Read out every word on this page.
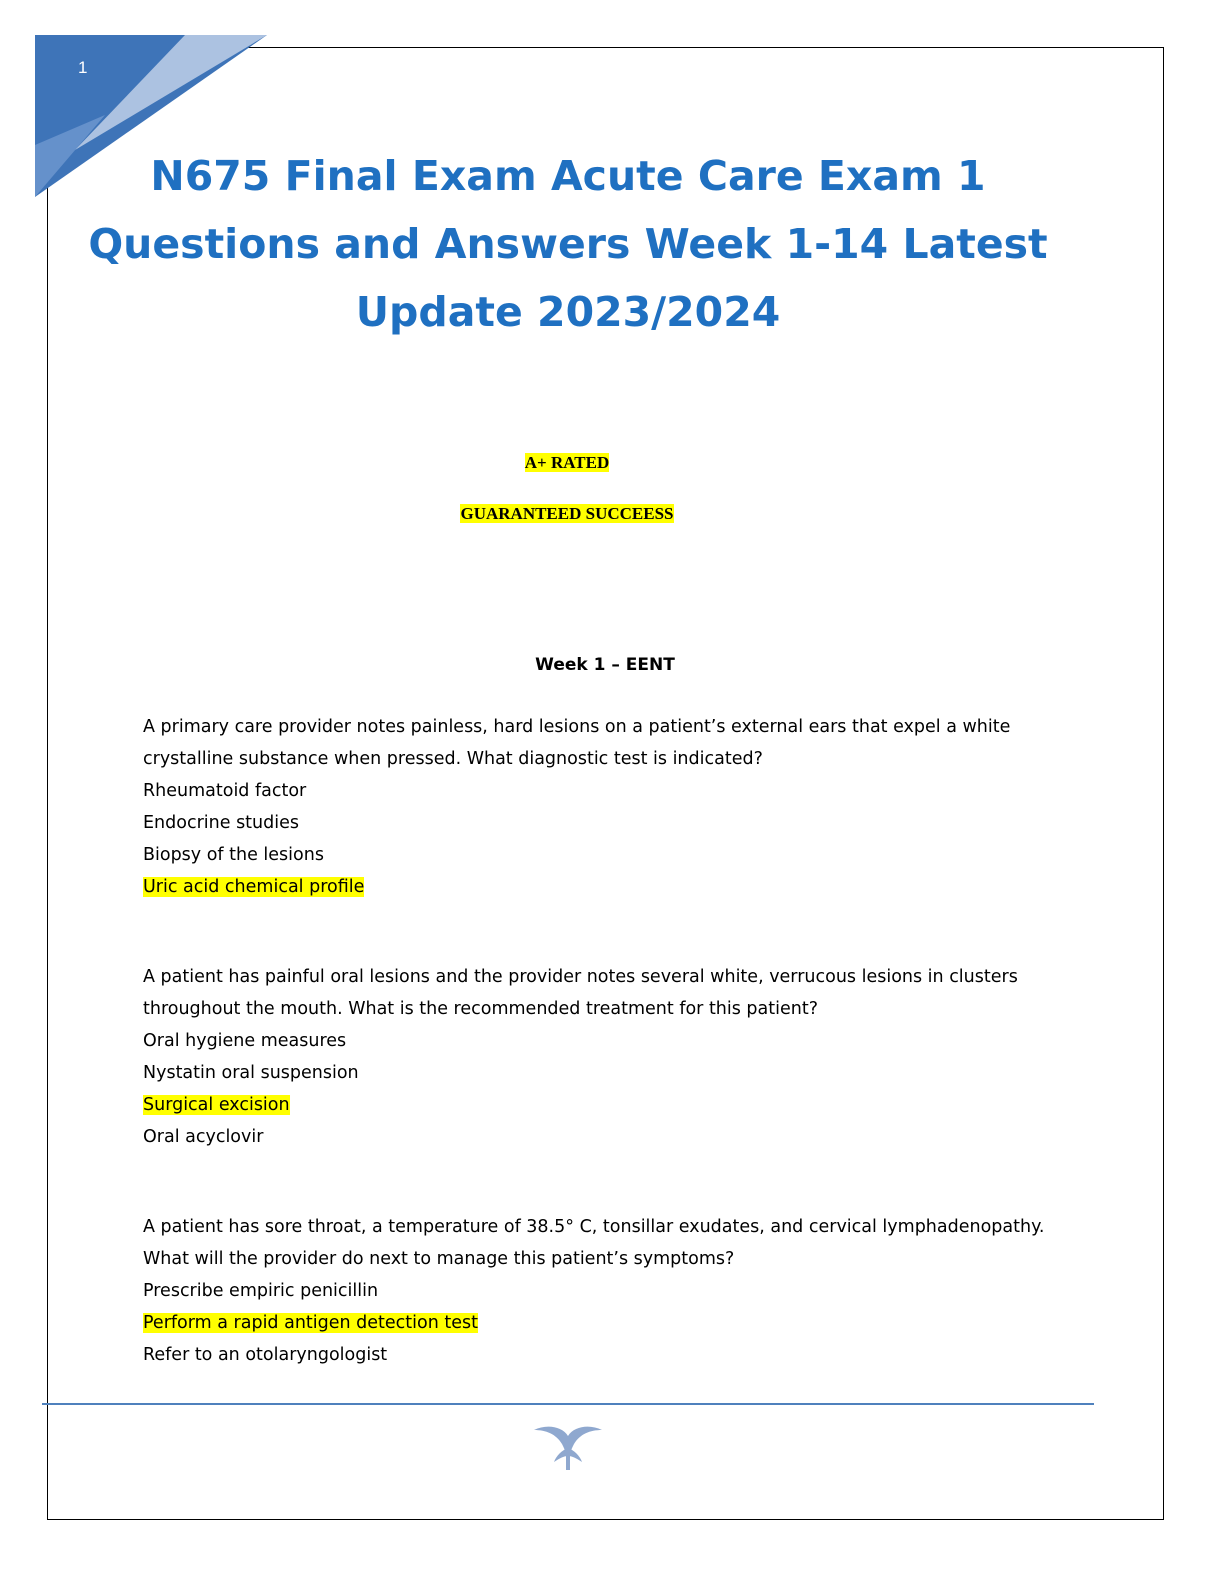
1
N675 Final Exam Acute Care Exam 1
Questions and Answers Week 1-14 Latest
Update 2023/2024
A+ RATED
GUARANTEED SUCCEESS
Week 1 – EENT
A primary care provider notes painless, hard lesions on a patient’s external ears that expel a white
crystalline substance when pressed. What diagnostic test is indicated?
Rheumatoid factor
Endocrine studies
Biopsy of the lesions
Uric acid chemical profile
A patient has painful oral lesions and the provider notes several white, verrucous lesions in clusters
throughout the mouth. What is the recommended treatment for this patient?
Oral hygiene measures
Nystatin oral suspension
Surgical excision
Oral acyclovir
A patient has sore throat, a temperature of 38.5° C, tonsillar exudates, and cervical lymphadenopathy.
What will the provider do next to manage this patient’s symptoms?
Prescribe empiric penicillin
Perform a rapid antigen detection test
Refer to an otolaryngologist
